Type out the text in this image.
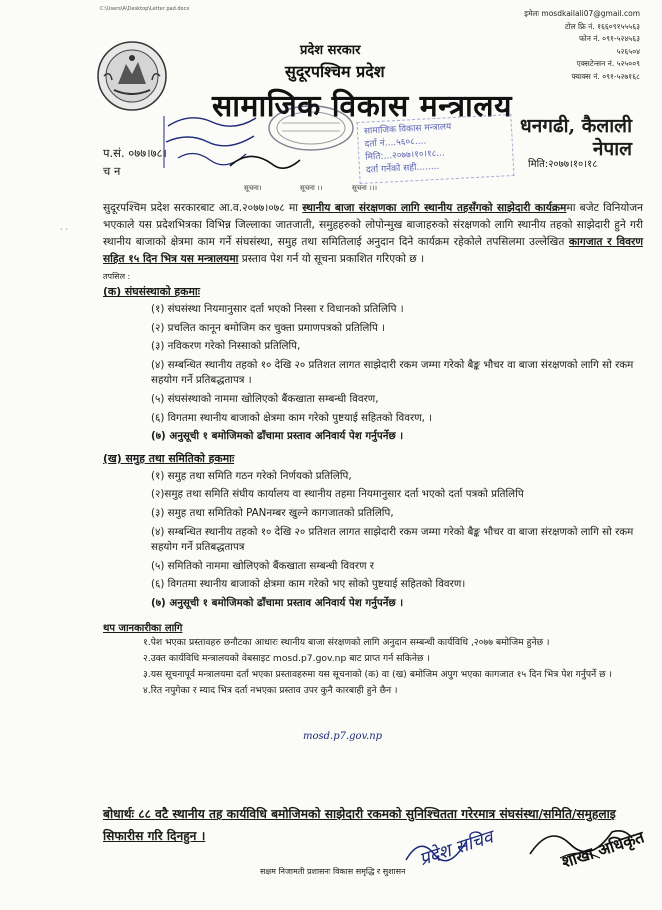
C:\Users\A\Desktop\Letter pad.docx
प्रदेश सरकार
सुदूरपश्चिम प्रदेश
सामाजिक विकास मन्त्रालय
इमेलः mosdkailali07@gmail.com
टोल फ्रि नं. १६६०९१५५५६३
फोन नं. ०९१-५२४५६३
५२६५०४
एक्सटेन्सन नं. ५२५००९
फ्याक्स नं. ०९१-५२७१६८
धनगढी, कैलाली
नेपाल
सामाजिक विकास मन्त्रालय
दर्ता नं....५६०८....
मिति:...२०७७।१०।१८...
दर्ता गर्नेको सही........
प.सं. ०७७।७८।
च न	मिति:२०७७।१०।१८
सूचना।	सूचना ।।	सूचना ।।।

सुदूरपश्चिम प्रदेश सरकारबाट आ.व.२०७७।०७८ मा स्थानीय बाजा संरक्षणका लागि स्थानीय तहसँगको साझेदारी कार्यक्रममा बजेट विनियोजन भएकाले यस प्रदेशभित्रका विभिन्न जिल्लाका जातजाती, समुहहरुको लोपोन्मुख बाजाहरुको संरक्षणको लागि स्थानीय तहको साझेदारी हुने गरी स्थानीय बाजाको क्षेत्रमा काम गर्ने संघसंस्था, समुह तथा समितिलाई अनुदान दिने कार्यक्रम रहेकोले तपसिलमा उल्लेखित कागजात र विवरण सहित १५ दिन भित्र यस मन्त्रालयमा प्रस्ताव पेश गर्न यो सूचना प्रकाशित गरिएको छ ।

तपसिल :
(क) संघसंस्थाको हकमाः
(१) संघसंस्था नियमानुसार दर्ता भएको निस्सा र विधानको प्रतिलिपि ।
(२) प्रचलित कानून बमोजिम कर चुक्ता प्रमाणपत्रको प्रतिलिपि ।
(३) नविकरण गरेको निस्साको प्रतिलिपि,
(४) सम्बन्धित स्थानीय तहको १० देखि २० प्रतिशत लागत साझेदारी रकम जम्मा गरेको बैङ्क भौचर वा बाजा संरक्षणको लागि सो रकम सहयोग गर्ने प्रतिबद्धतापत्र ।
(५) संघसंस्थाको नाममा खोलिएको बैंकखाता सम्बन्धी विवरण,
(६) विगतमा स्थानीय बाजाको क्षेत्रमा काम गरेको पुष्टयाई सहितको विवरण, ।
(७) अनुसूची १ बमोजिमको ढाँचामा प्रस्ताव अनिवार्य पेश गर्नुपर्नेछ ।
(ख) समुह तथा समितिको हकमाः
(१) समुह तथा समिति गठन गरेको निर्णयको प्रतिलिपि,
(२)समुह तथा समिति संघीय कार्यालय वा स्थानीय तहमा नियमानुसार दर्ता भएको दर्ता पत्रको प्रतिलिपि
(३) समुह तथा समितिको PANनम्बर खुल्ने कागजातको प्रतिलिपि,
(४) सम्बन्धित स्थानीय तहको १० देखि २० प्रतिशत लागत साझेदारी रकम जम्मा गरेको बैङ्क भौचर वा बाजा संरक्षणको लागि सो रकम सहयोग गर्ने प्रतिबद्धतापत्र
(५) समितिको नाममा खोलिएको बैंकखाता सम्बन्धी विवरण र
(६) विगतमा स्थानीय बाजाको क्षेत्रमा काम गरेको भए सोको पुष्टयाई सहितको विवरण।
(७) अनुसूची १ बमोजिमको ढाँचामा प्रस्ताव अनिवार्य पेश गर्नुपर्नेछ ।
थप जानकारीका लागि
१.पेश भएका प्रस्तावहरु छनौटका आधारः स्थानीय बाजा संरक्षणको लागि अनुदान सम्बन्धी कार्यविधि ,२०७७ बमोजिम हुनेछ ।
२.उक्त कार्यविधि मन्त्रालयको वेबसाइट mosd.p7.gov.np बाट प्राप्त गर्न सकिनेछ ।
३.यस सूचनापूर्व मन्त्रालयमा दर्ता भएका प्रस्तावहरुमा यस सूचनाको (क) वा (ख) बमोजिम अपुग भएका कागजात १५ दिन भित्र पेश गर्नुपर्ने छ ।
४.रित नपुगेका र म्याद भित्र दर्ता नभएका प्रस्ताव उपर कुनै कारबाही हुने छैन ।
mosd.p7.gov.np
बोधार्थः ८८ वटै स्थानीय तह कार्यविधि बमोजिमको साझेदारी रकमको सुनिश्चितता गरेरमात्र संघसंस्था/समिति/समुहलाइ सिफारीस गरि दिनहुन ।
सक्षम निजामती प्रशासनः विकास समृद्धि र सुशासन
प्रदेश सचिव	शाखा अधिकृत
· ·
